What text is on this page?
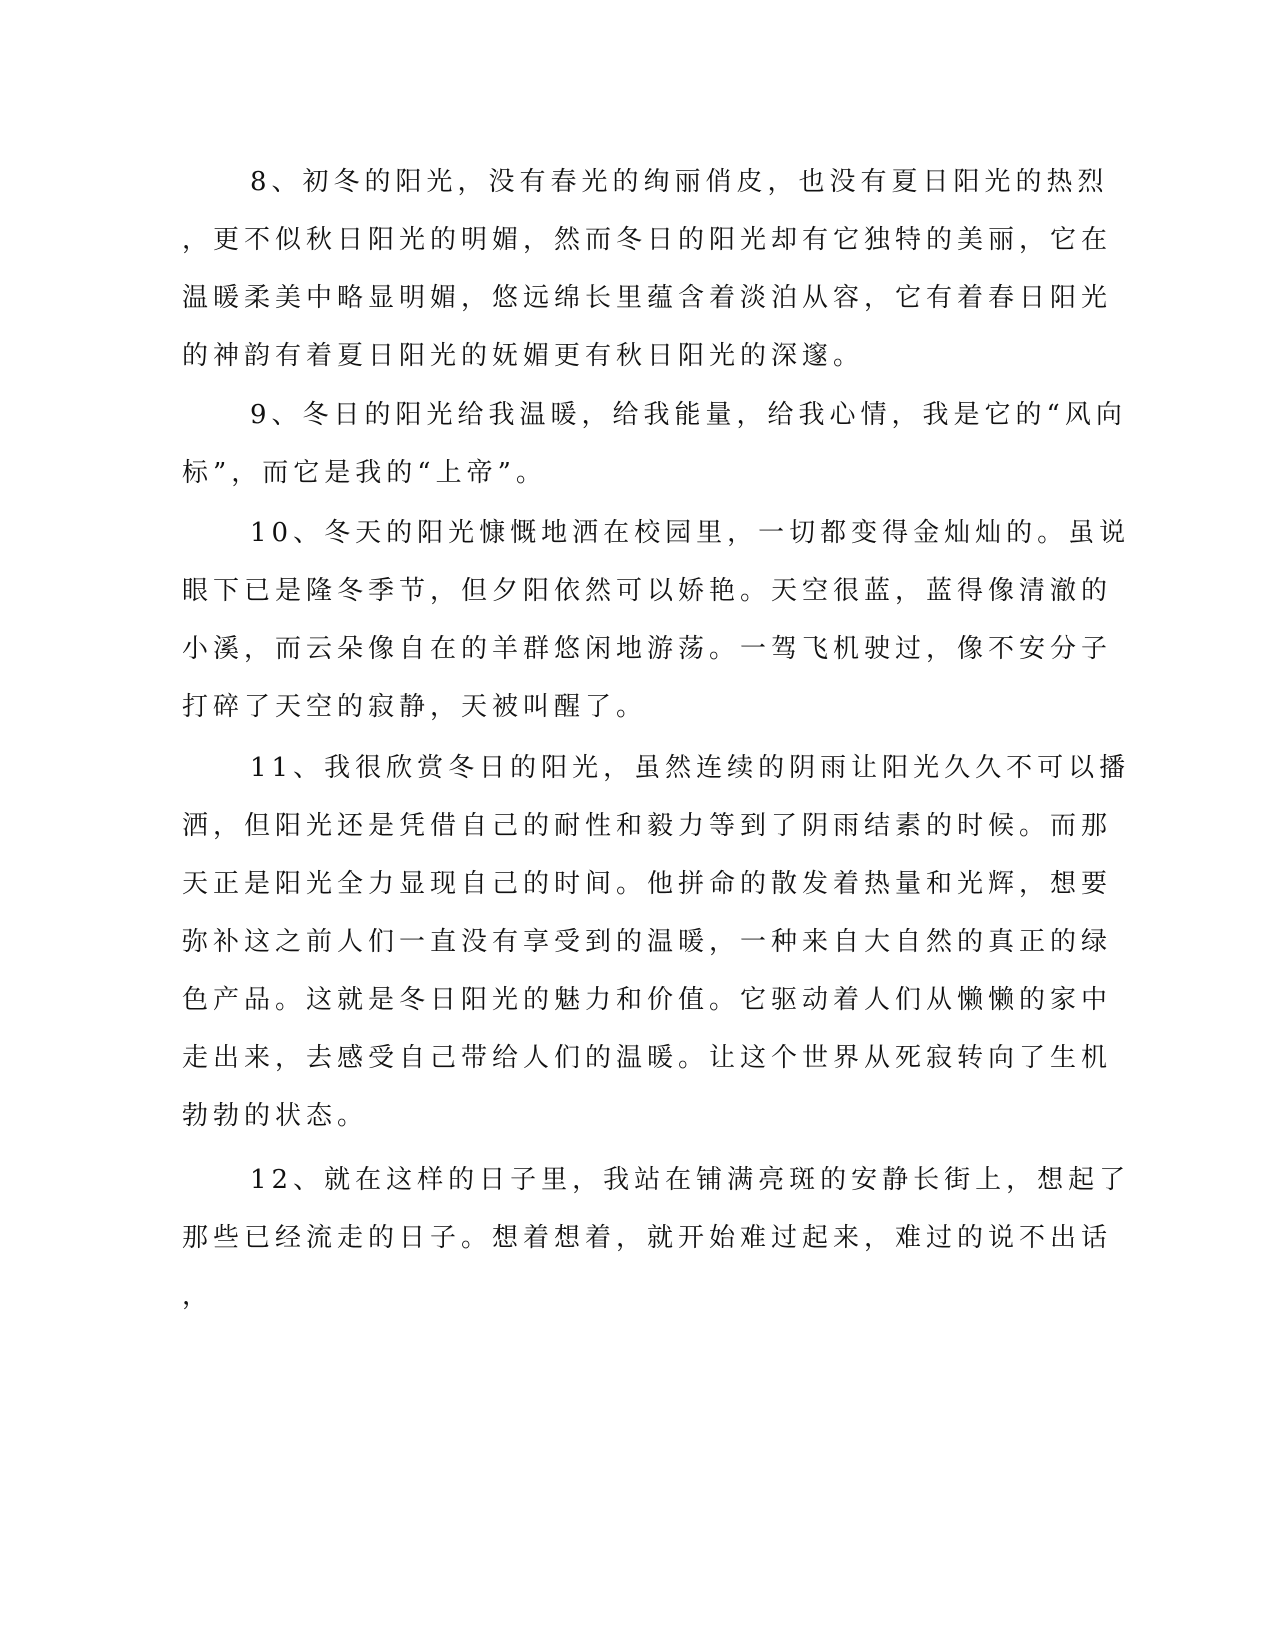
8、初冬的阳光，没有春光的绚丽俏皮，也没有夏日阳光的热烈
，更不似秋日阳光的明媚，然而冬日的阳光却有它独特的美丽，它在
温暖柔美中略显明媚，悠远绵长里蕴含着淡泊从容，它有着春日阳光
的神韵有着夏日阳光的妩媚更有秋日阳光的深邃。
9、冬日的阳光给我温暖，给我能量，给我心情，我是它的“风向
标”，而它是我的“上帝”。
10、冬天的阳光慷慨地洒在校园里，一切都变得金灿灿的。虽说
眼下已是隆冬季节，但夕阳依然可以娇艳。天空很蓝，蓝得像清澈的
小溪，而云朵像自在的羊群悠闲地游荡。一驾飞机驶过，像不安分子
打碎了天空的寂静，天被叫醒了。
11、我很欣赏冬日的阳光，虽然连续的阴雨让阳光久久不可以播
洒，但阳光还是凭借自己的耐性和毅力等到了阴雨结素的时候。而那
天正是阳光全力显现自己的时间。他拼命的散发着热量和光辉，想要
弥补这之前人们一直没有享受到的温暖，一种来自大自然的真正的绿
色产品。这就是冬日阳光的魅力和价值。它驱动着人们从懒懒的家中
走出来，去感受自己带给人们的温暖。让这个世界从死寂转向了生机
勃勃的状态。
12、就在这样的日子里，我站在铺满亮斑的安静长街上，想起了
那些已经流走的日子。想着想着，就开始难过起来，难过的说不出话
，
